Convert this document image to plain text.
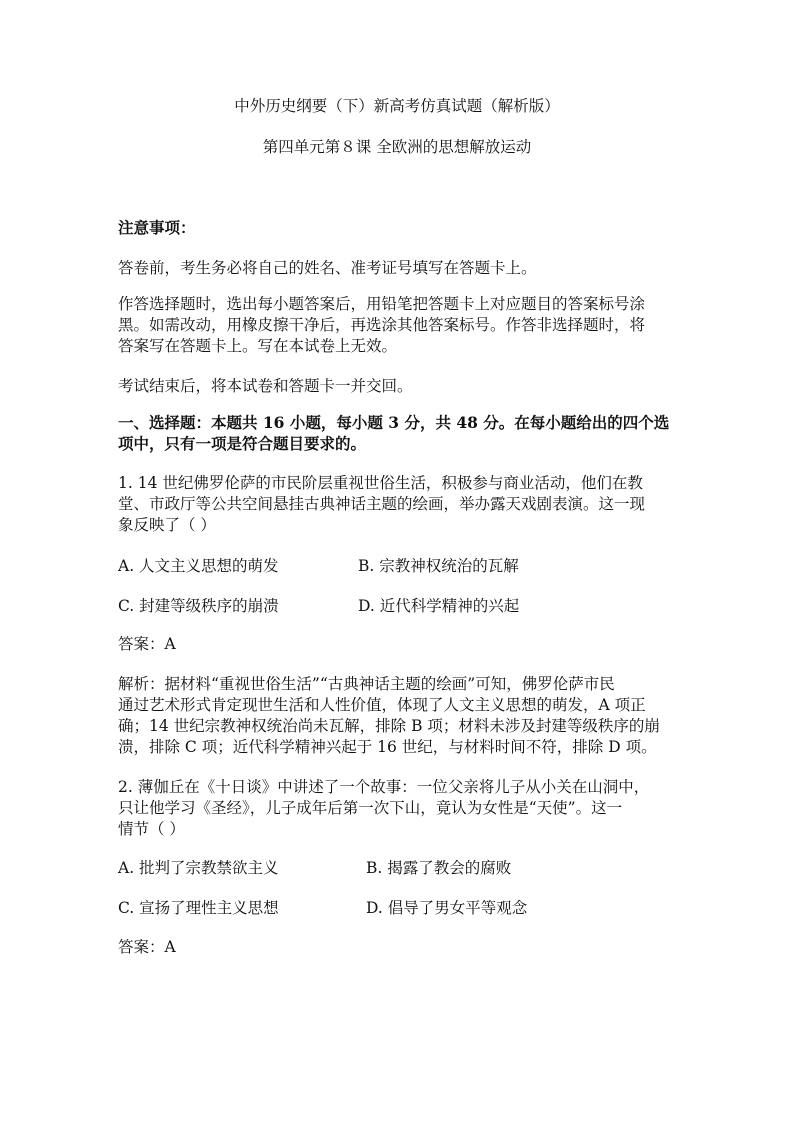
中外历史纲要（下）新高考仿真试题（解析版）
第四单元第８课 全欧洲的思想解放运动
注意事项：
答卷前，考生务必将自己的姓名、准考证号填写在答题卡上。
作答选择题时，选出每小题答案后，用铅笔把答题卡上对应题目的答案标号涂
黑。如需改动，用橡皮擦干净后，再选涂其他答案标号。作答非选择题时，将
答案写在答题卡上。写在本试卷上无效。
考试结束后，将本试卷和答题卡一并交回。
一、选择题：本题共 16 小题，每小题 3 分，共 48 分。在每小题给出的四个选
项中，只有一项是符合题目要求的。
1. 14 世纪佛罗伦萨的市民阶层重视世俗生活，积极参与商业活动，他们在教
堂、市政厅等公共空间悬挂古典神话主题的绘画，举办露天戏剧表演。这一现
象反映了（ ）
A. 人文主义思想的萌发	B. 宗教神权统治的瓦解
C. 封建等级秩序的崩溃	D. 近代科学精神的兴起
答案：A
解析：据材料“重视世俗生活”“古典神话主题的绘画”可知，佛罗伦萨市民
通过艺术形式肯定现世生活和人性价值，体现了人文主义思想的萌发，A 项正
确；14 世纪宗教神权统治尚未瓦解，排除 B 项；材料未涉及封建等级秩序的崩
溃，排除 C 项；近代科学精神兴起于 16 世纪，与材料时间不符，排除 D 项。
2. 薄伽丘在《十日谈》中讲述了一个故事：一位父亲将儿子从小关在山洞中，
只让他学习《圣经》，儿子成年后第一次下山，竟认为女性是“天使”。这一
情节（ ）
A. 批判了宗教禁欲主义	B. 揭露了教会的腐败
C. 宣扬了理性主义思想	D. 倡导了男女平等观念
答案：A
